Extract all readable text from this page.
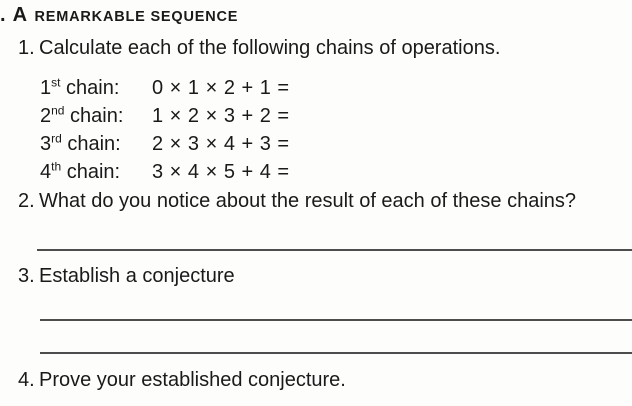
. A REMARKABLE SEQUENCE
1. Calculate each of the following chains of operations.
1st chain:	0 × 1 × 2 + 1 =
2nd chain:	1 × 2 × 3 + 2 =
3rd chain:	2 × 3 × 4 + 3 =
4th chain:	3 × 4 × 5 + 4 =
2. What do you notice about the result of each of these chains?
3. Establish a conjecture
4. Prove your established conjecture.
